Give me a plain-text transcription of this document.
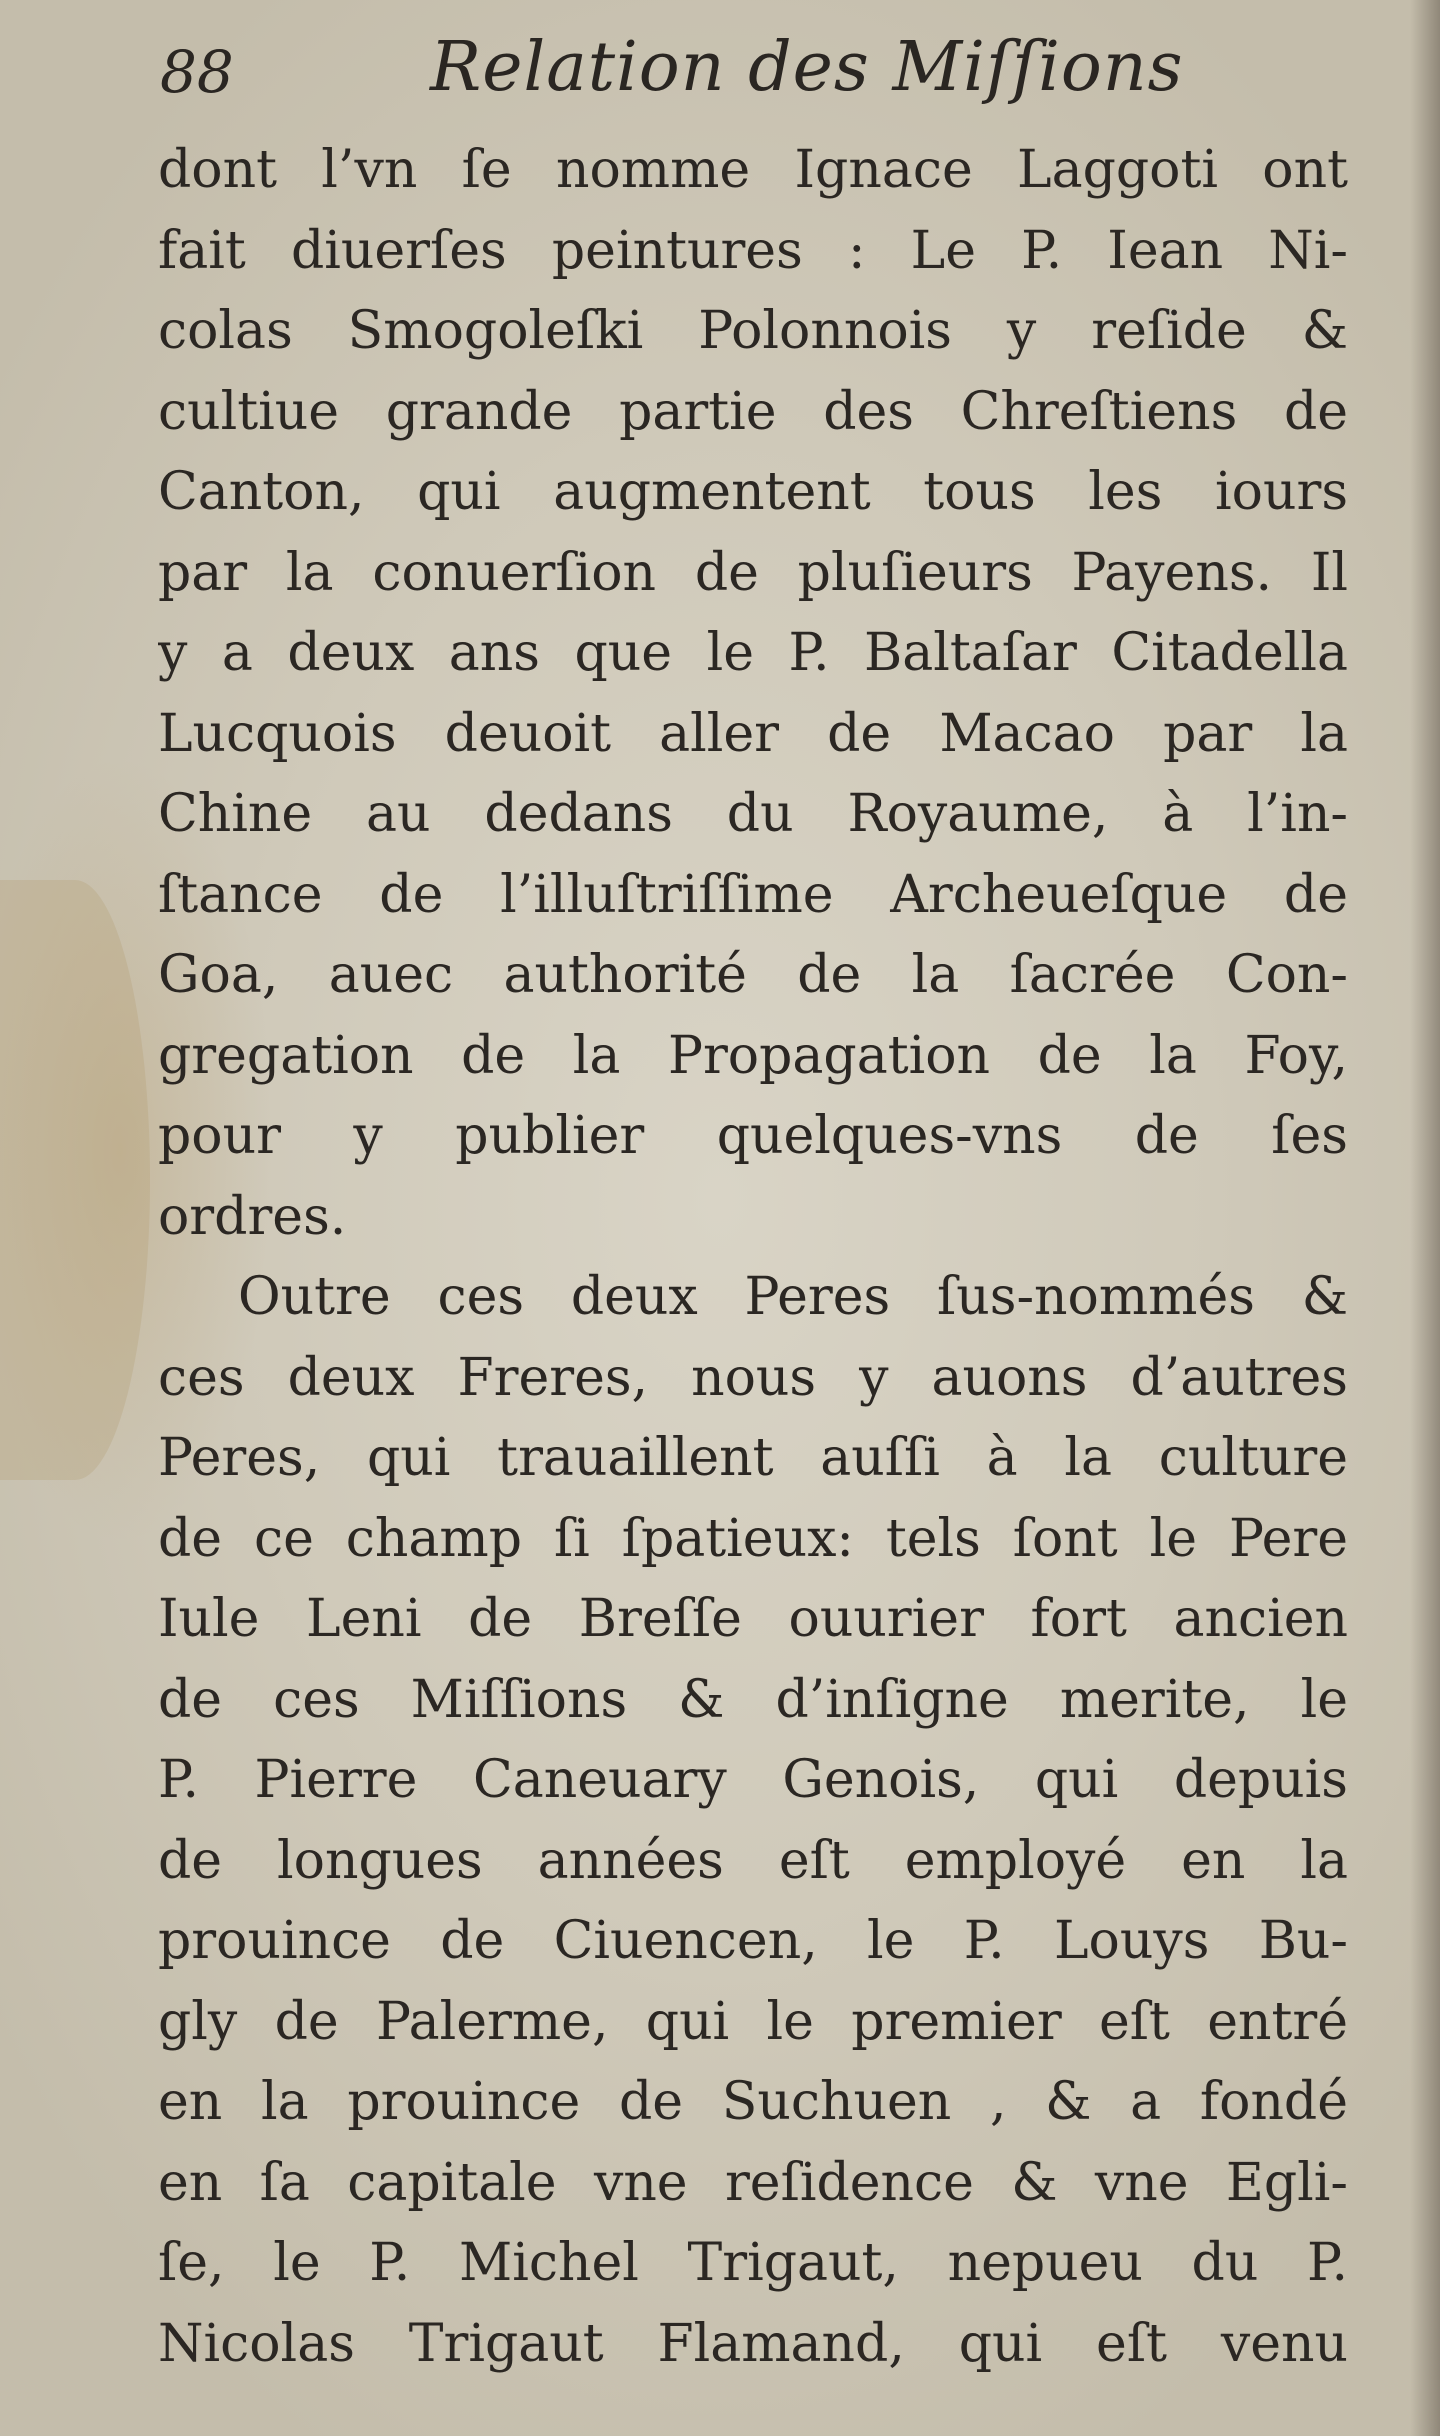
88	Relation des Miſſions
dont l’vn ſe nomme Ignace Laggoti ont
fait diuerſes peintures : Le P. Iean Ni-
colas Smogoleſki Polonnois y reſide &
cultiue grande partie des Chreſtiens de
Canton, qui augmentent tous les iours
par la conuerſion de pluſieurs Payens. Il
y a deux ans que le P. Baltaſar Citadella
Lucquois deuoit aller de Macao par la
Chine au dedans du Royaume, à l’in-
ſtance de l’illuſtriſſime Archeueſque de
Goa, auec authorité de la ſacrée Con-
gregation de la Propagation de la Foy,
pour y publier quelques-vns de ſes
ordres.
Outre ces deux Peres ſus-nommés &
ces deux Freres, nous y auons d’autres
Peres, qui trauaillent auſſi à la culture
de ce champ ſi ſpatieux: tels ſont le Pere
Iule Leni de Breſſe ouurier fort ancien
de ces Miſſions & d’inſigne merite, le
P. Pierre Caneuary Genois, qui depuis
de longues années eſt employé en la
prouince de Ciuencen, le P. Louys Bu-
gly de Palerme, qui le premier eſt entré
en la prouince de Suchuen , & a fondé
en ſa capitale vne reſidence & vne Egli-
ſe, le P. Michel Trigaut, nepueu du P.
Nicolas Trigaut Flamand, qui eſt venu
